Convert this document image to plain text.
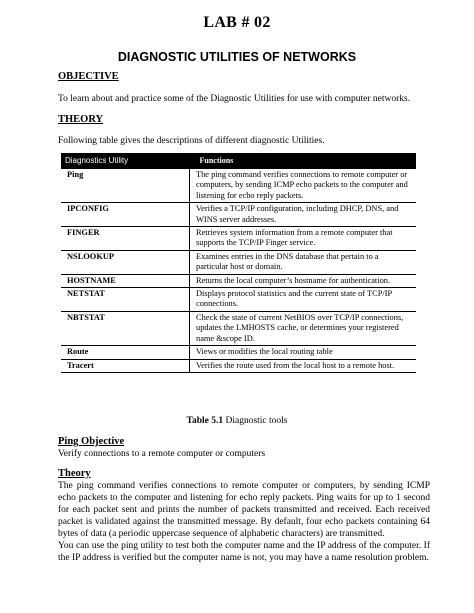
LAB # 02
DIAGNOSTIC UTILITIES OF NETWORKS
OBJECTIVE
To learn about and practice some of the Diagnostic Utilities for use with computer networks.
THEORY
Following table gives the descriptions of different diagnostic Utilities.
Diagnostics Utility	Functions
Ping	The ping command verifies connections to remote computer or computers, by sending ICMP echo packets to the computer and listening for echo reply packets.
IPCONFIG	Verifies a TCP/IP configuration, including DHCP, DNS, and WINS server addresses.
FINGER	Retrieves system information from a remote computer that supports the TCP/IP Finger service.
NSLOOKUP	Examines entries in the DNS database that pertain to a particular host or domain.
HOSTNAME	Returns the local computer’s hostname for authentication.
NETSTAT	Displays protocol statistics and the current state of TCP/IP connections.
NBTSTAT	Check the state of current NetBIOS over TCP/IP connections, updates the LMHOSTS cache, or determines your registered name &scope ID.
Route	Views or modifies the local routing table
Tracert	Verifies the route used from the local host to a remote host.
Table 5.1 Diagnostic tools
Ping Objective
Verify connections to a remote computer or computers
Theory
The ping command verifies connections to remote computer or computers, by sending ICMP echo packets to the computer and listening for echo reply packets. Ping waits for up to 1 second for each packet sent and prints the number of packets transmitted and received. Each received packet is validated against the transmitted message. By default, four echo packets containing 64 bytes of data (a periodic uppercase sequence of alphabetic characters) are transmitted.
You can use the ping utility to test both the computer name and the IP address of the computer. If the IP address is verified but the computer name is not, you may have a name resolution problem.
